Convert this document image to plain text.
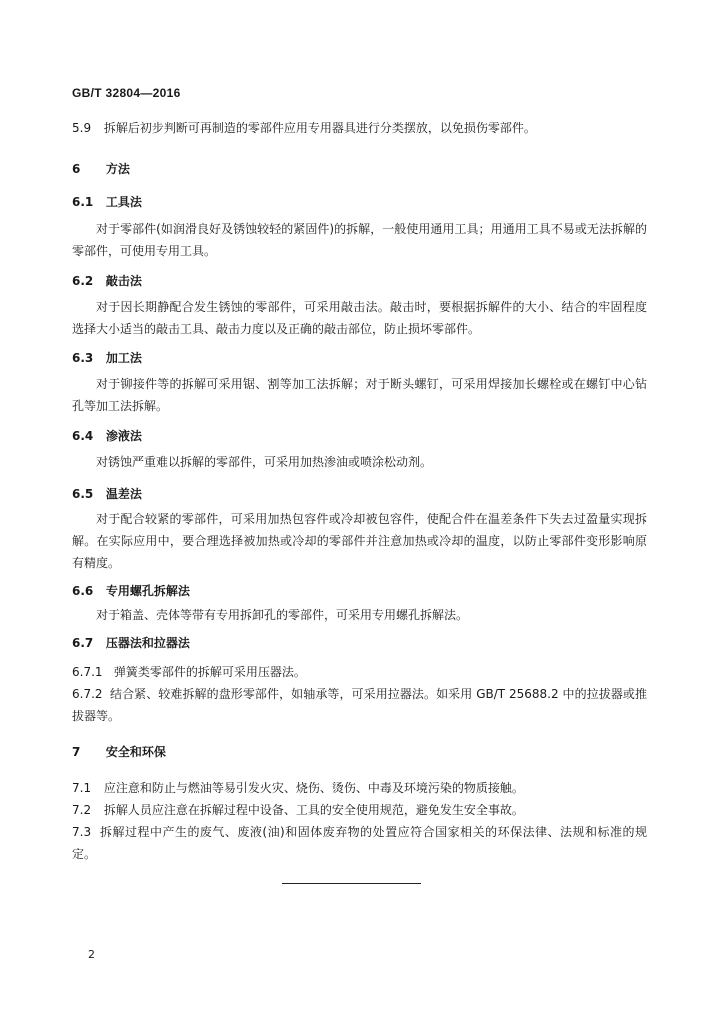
GB/T 32804—2016
5.9 拆解后初步判断可再制造的零部件应用专用器具进行分类摆放，以免损伤零部件。
6 方法
6.1 工具法
对于零部件(如润滑良好及锈蚀较轻的紧固件)的拆解，一般使用通用工具；用通用工具不易或无法拆解的零部件，可使用专用工具。
6.2 敲击法
对于因长期静配合发生锈蚀的零部件，可采用敲击法。敲击时，要根据拆解件的大小、结合的牢固程度选择大小适当的敲击工具、敲击力度以及正确的敲击部位，防止损坏零部件。
6.3 加工法
对于铆接件等的拆解可采用锯、割等加工法拆解；对于断头螺钉，可采用焊接加长螺栓或在螺钉中心钻孔等加工法拆解。
6.4 渗液法
对锈蚀严重难以拆解的零部件，可采用加热渗油或喷涂松动剂。
6.5 温差法
对于配合较紧的零部件，可采用加热包容件或冷却被包容件，使配合件在温差条件下失去过盈量实现拆解。在实际应用中，要合理选择被加热或冷却的零部件并注意加热或冷却的温度，以防止零部件变形影响原有精度。
6.6 专用螺孔拆解法
对于箱盖、壳体等带有专用拆卸孔的零部件，可采用专用螺孔拆解法。
6.7 压器法和拉器法
6.7.1 弹簧类零部件的拆解可采用压器法。
6.7.2 结合紧、较难拆解的盘形零部件，如轴承等，可采用拉器法。如采用 GB/T 25688.2 中的拉拔器或推拔器等。
7 安全和环保
7.1 应注意和防止与燃油等易引发火灾、烧伤、烫伤、中毒及环境污染的物质接触。
7.2 拆解人员应注意在拆解过程中设备、工具的安全使用规范，避免发生安全事故。
7.3 拆解过程中产生的废气、废液(油)和固体废弃物的处置应符合国家相关的环保法律、法规和标准的规定。
2
